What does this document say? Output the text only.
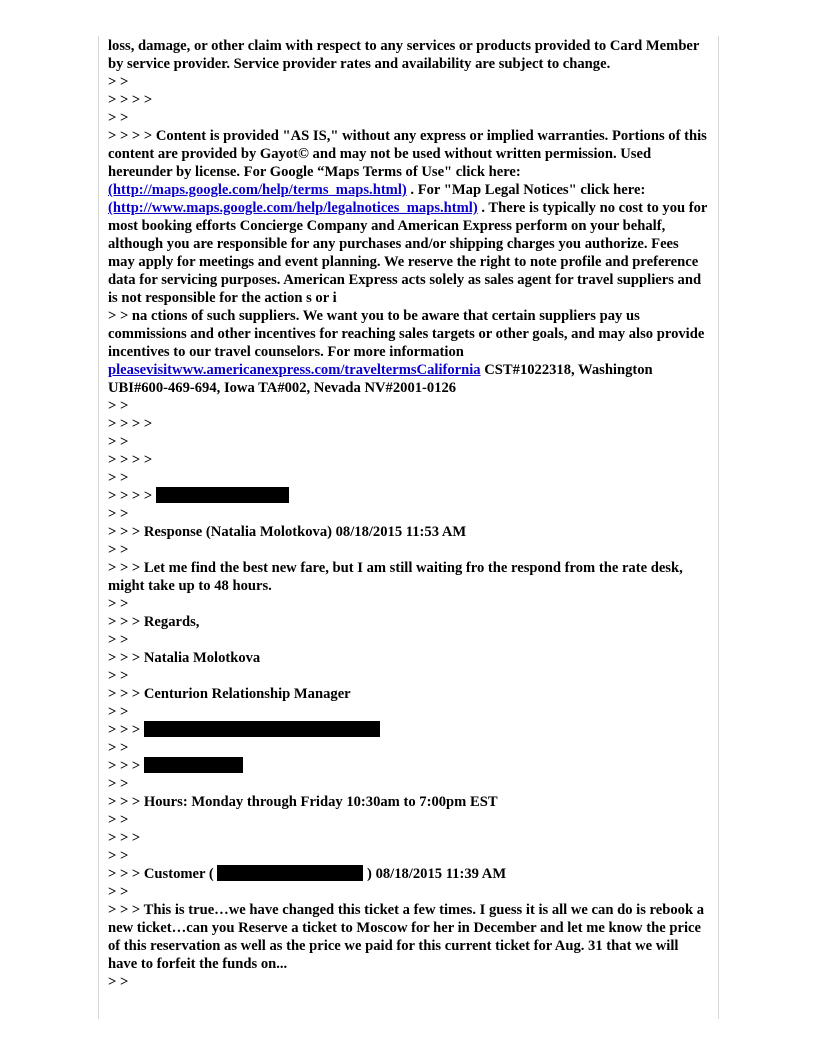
loss, damage, or other claim with respect to any services or products provided to Card Member by service provider. Service provider rates and availability are subject to change.

> >

> > > >

> >

> > > > Content is provided "AS IS," without any express or implied warranties. Portions of this content are provided by Gayot© and may not be used without written permission. Used hereunder by license. For Google “Maps Terms of Use" click here: (http://maps.google.com/help/terms_maps.html) . For "Map Legal Notices" click here: (http://www.maps.google.com/help/legalnotices_maps.html) . There is typically no cost to you for most booking efforts Concierge Company and American Express perform on your behalf, although you are responsible for any purchases and/or shipping charges you authorize. Fees may apply for meetings and event planning. We reserve the right to note profile and preference data for servicing purposes. American Express acts solely as sales agent for travel suppliers and is not responsible for the action s or i

> > na ctions of such suppliers. We want you to be aware that certain suppliers pay us commissions and other incentives for reaching sales targets or other goals, and may also provide incentives to our travel counselors. For more information pleasevisitwww.americanexpress.com/traveltermsCalifornia CST#1022318, Washington UBI#600-469-694, Iowa TA#002, Nevada NV#2001-0126

> >

> > > >

> >

> > > >

> >

> > > >

> >

> > > Response (Natalia Molotkova) 08/18/2015 11:53 AM

> >

> > > Let me find the best new fare, but I am still waiting fro the respond from the rate desk, might take up to 48 hours.

> >

> > > Regards,

> >

> > > Natalia Molotkova

> >

> > > Centurion Relationship Manager

> >

> > >

> >

> > >

> >

> > > Hours: Monday through Friday 10:30am to 7:00pm EST

> >

> > >

> >

> > > Customer (	) 08/18/2015 11:39 AM

> >

> > > This is true…we have changed this ticket a few times. I guess it is all we can do is rebook a new ticket…can you Reserve a ticket to Moscow for her in December and let me know the price of this reservation as well as the price we paid for this current ticket for Aug. 31 that we will have to forfeit the funds on...

> >
